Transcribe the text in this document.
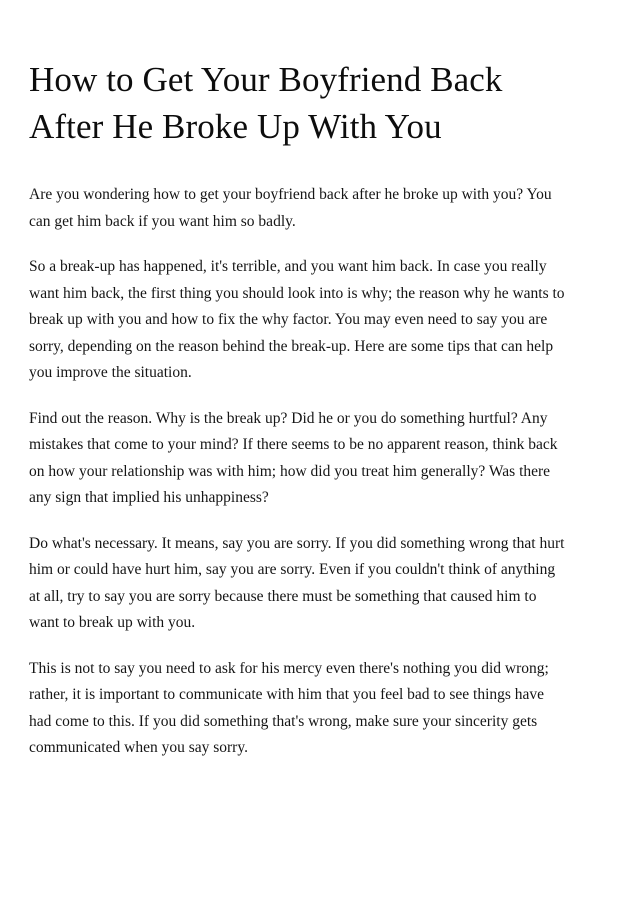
How to Get Your Boyfriend Back
After He Broke Up With You

Are you wondering how to get your boyfriend back after he broke up with you? You
can get him back if you want him so badly.

So a break-up has happened, it's terrible, and you want him back. In case you really
want him back, the first thing you should look into is why; the reason why he wants to
break up with you and how to fix the why factor. You may even need to say you are
sorry, depending on the reason behind the break-up. Here are some tips that can help
you improve the situation.

Find out the reason. Why is the break up? Did he or you do something hurtful? Any
mistakes that come to your mind? If there seems to be no apparent reason, think back
on how your relationship was with him; how did you treat him generally? Was there
any sign that implied his unhappiness?

Do what's necessary. It means, say you are sorry. If you did something wrong that hurt
him or could have hurt him, say you are sorry. Even if you couldn't think of anything
at all, try to say you are sorry because there must be something that caused him to
want to break up with you.

This is not to say you need to ask for his mercy even there's nothing you did wrong;
rather, it is important to communicate with him that you feel bad to see things have
had come to this. If you did something that's wrong, make sure your sincerity gets
communicated when you say sorry.
